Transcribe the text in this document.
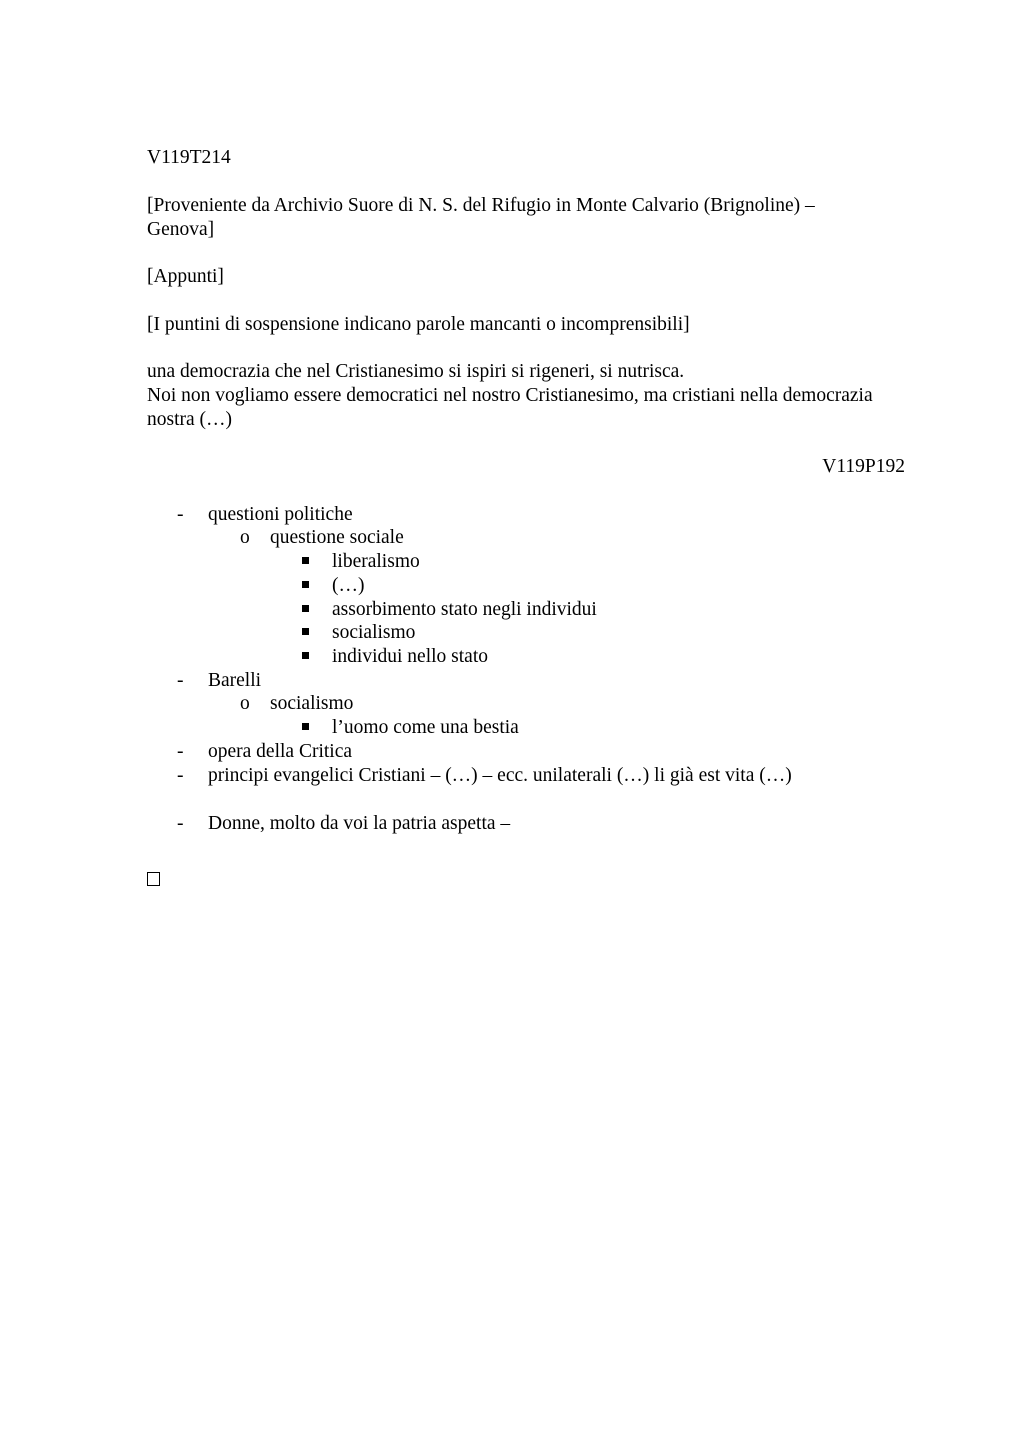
V119T214
[Proveniente da Archivio Suore di N. S. del Rifugio in Monte Calvario (Brignoline) –
Genova]
[Appunti]
[I puntini di sospensione indicano parole mancanti o incomprensibili]
una democrazia che nel Cristianesimo si ispiri si rigeneri, si nutrisca.
Noi non vogliamo essere democratici nel nostro Cristianesimo, ma cristiani nella democrazia
nostra (…)
V119P192
- questioni politiche
o questione sociale
liberalismo
(…)
assorbimento stato negli individui
socialismo
individui nello stato
- Barelli
o socialismo
l’uomo come una bestia
- opera della Critica
- principi evangelici Cristiani – (…) – ecc. unilaterali (…) li già est vita (…)
- Donne, molto da voi la patria aspetta –
